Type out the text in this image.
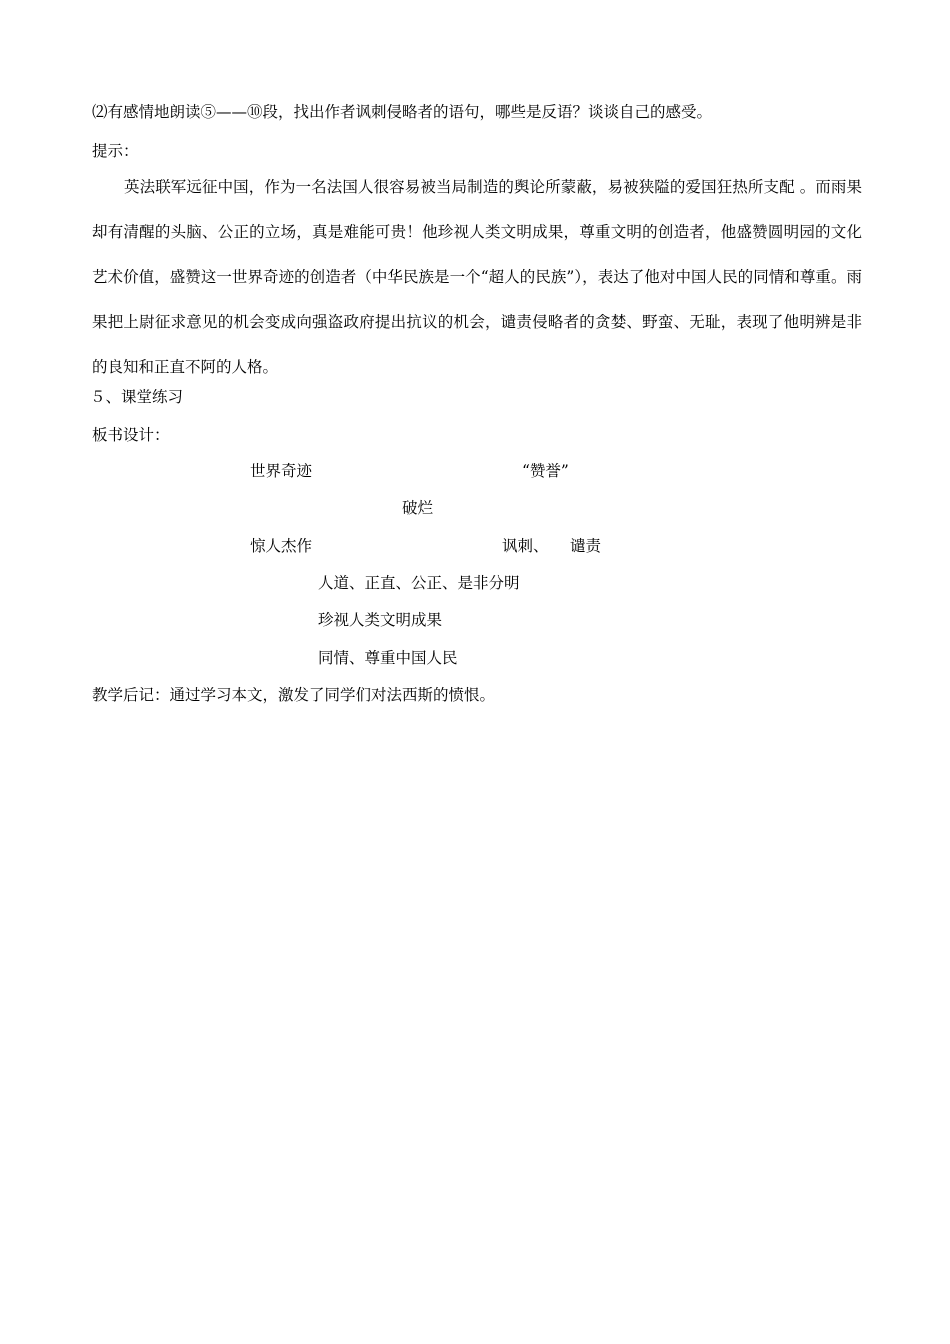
⑵有感情地朗读⑤——⑩段，找出作者讽刺侵略者的语句，哪些是反语？谈谈自己的感受。
提示：

英法联军远征中国，作为一名法国人很容易被当局制造的舆论所蒙蔽，易被狭隘的爱国狂热所支配 。而雨果却有清醒的头脑、公正的立场，真是难能可贵！他珍视人类文明成果，尊重文明的创造者，他盛赞圆明园的文化艺术价值，盛赞这一世界奇迹的创造者（中华民族是一个“超人的民族”），表达了他对中国人民的同情和尊重。雨果把上尉征求意见的机会变成向强盗政府提出抗议的机会，谴责侵略者的贪婪、野蛮、无耻，表现了他明辨是非的良知和正直不阿的人格。

５、课堂练习
板书设计：
世界奇迹	“赞誉”
破烂
惊人杰作	讽刺、 谴责
人道、正直、公正、是非分明
珍视人类文明成果
同情、尊重中国人民
教学后记：通过学习本文，激发了同学们对法西斯的愤恨。
